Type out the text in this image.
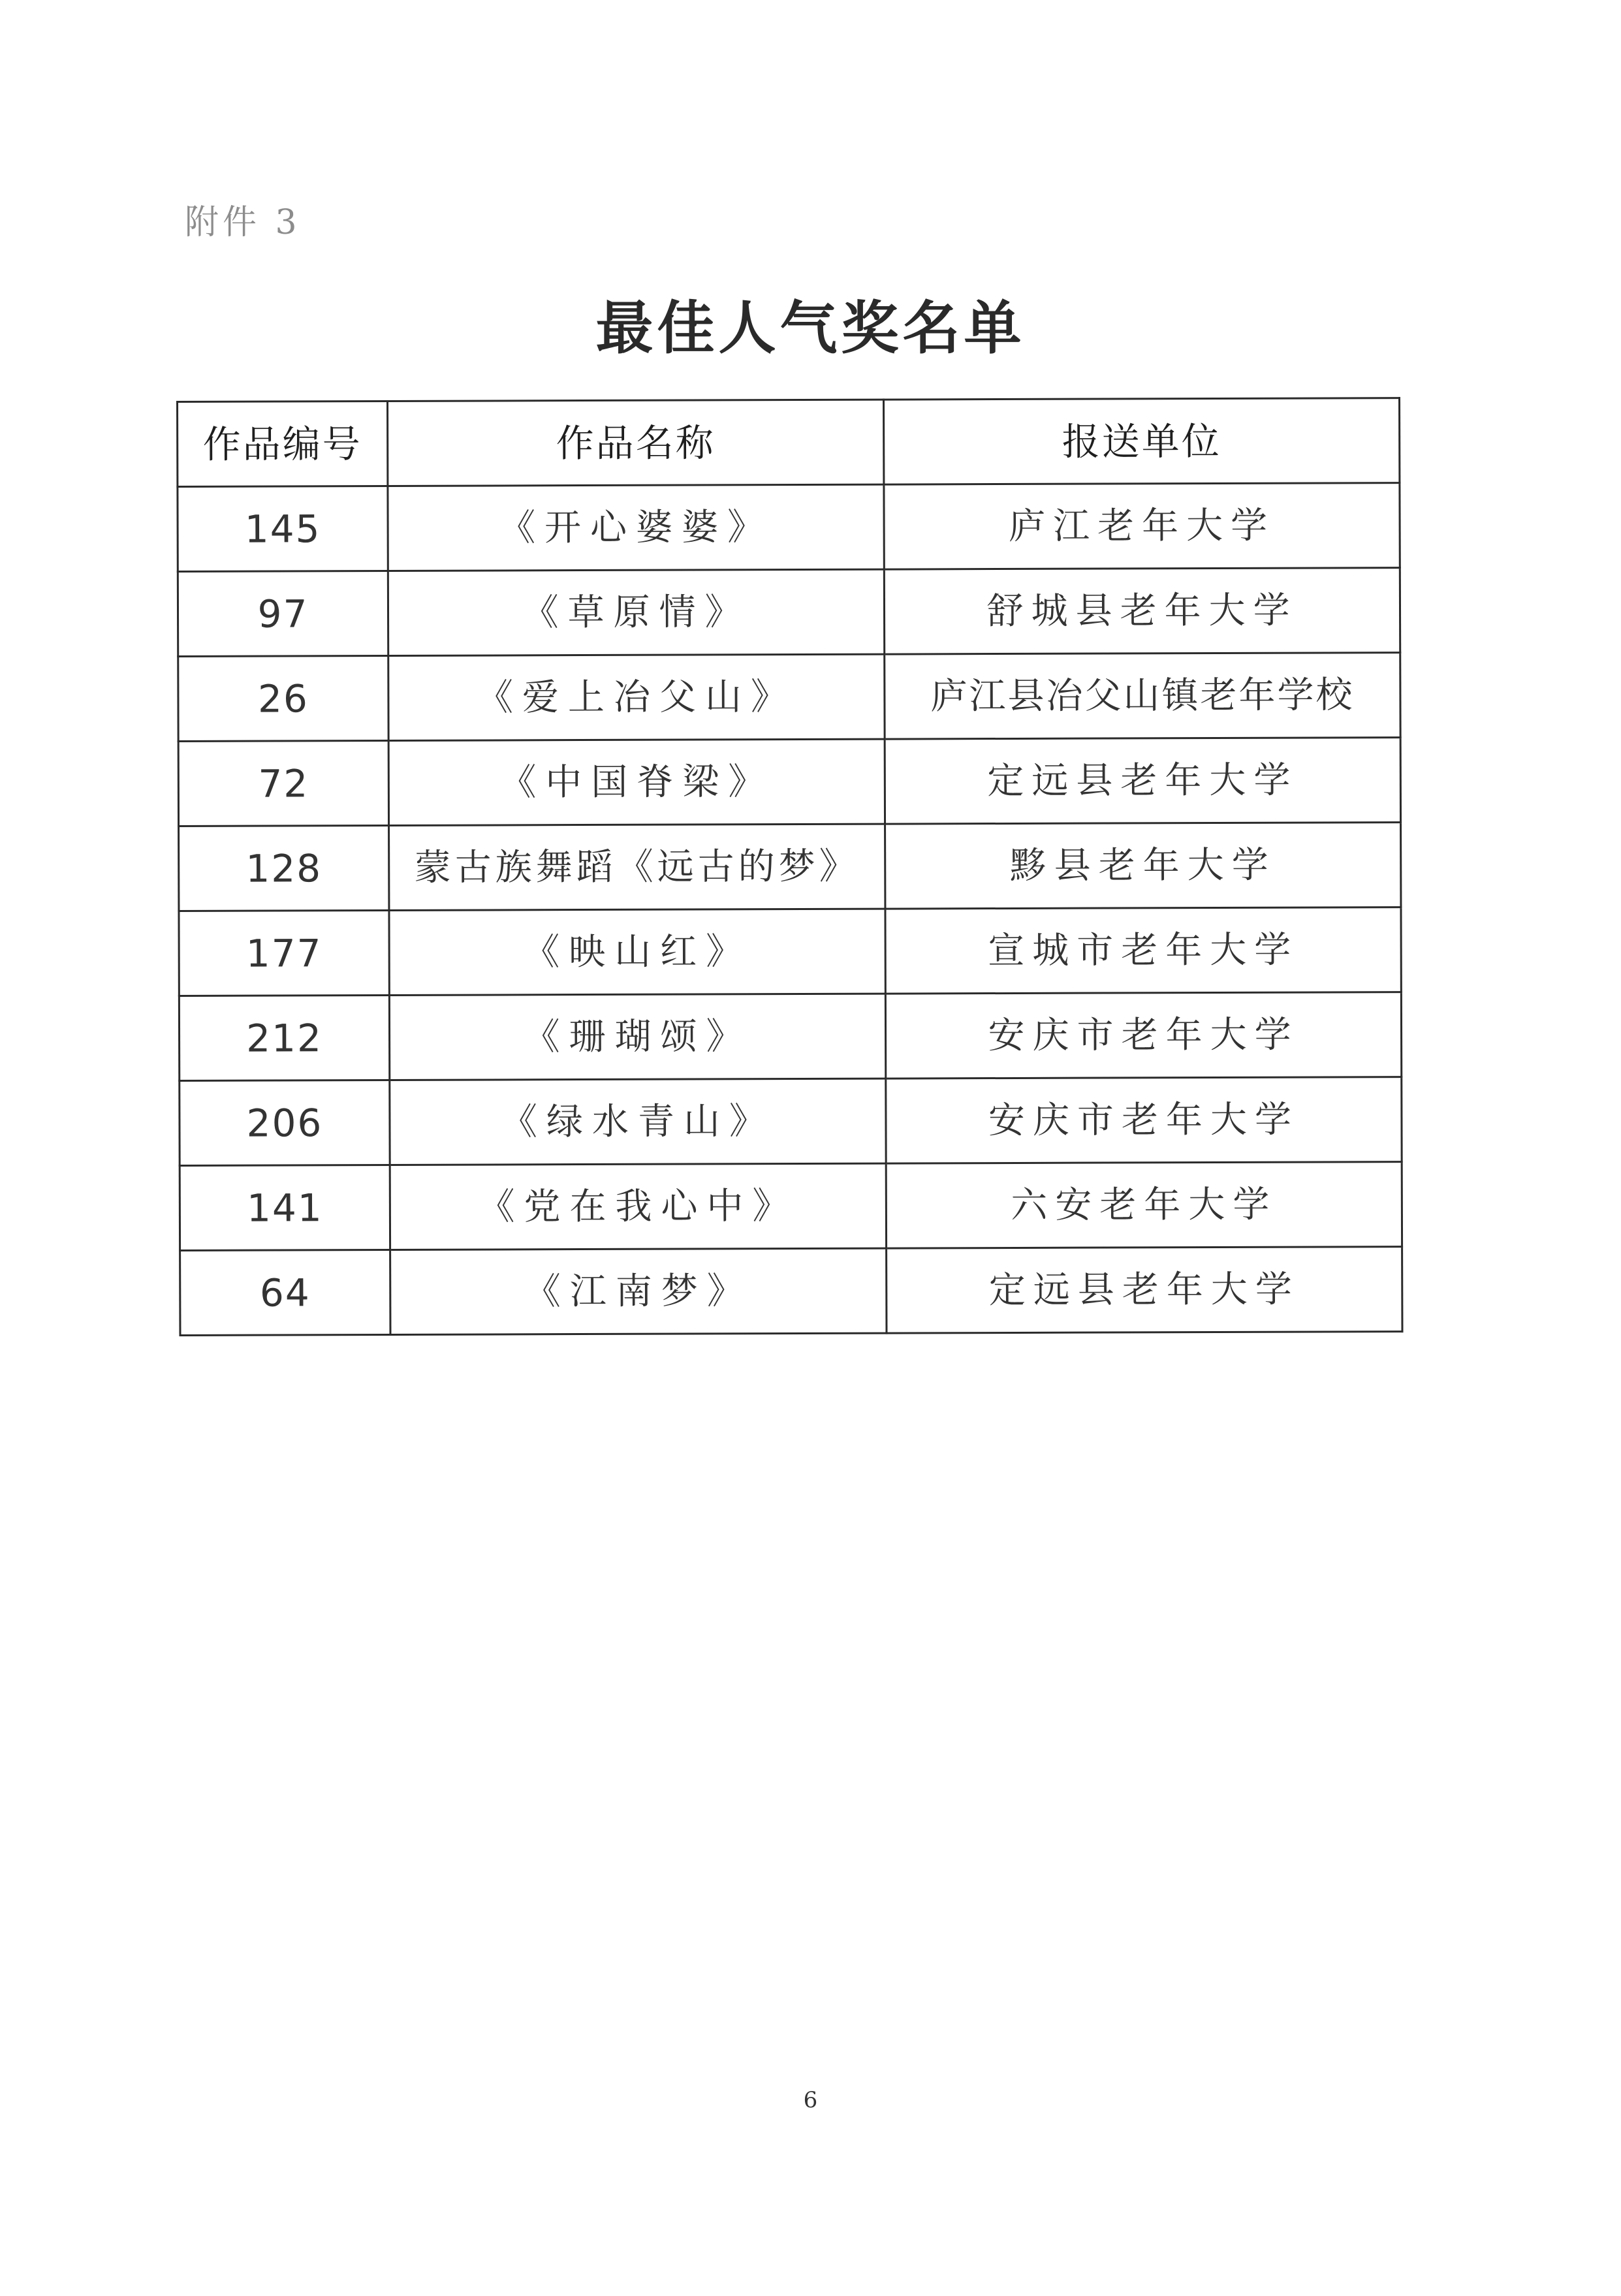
附件 3
最佳人气奖名单
作品编号	作品名称	报送单位
145	《开心婆婆》	庐江老年大学
97	《草原情》	舒城县老年大学
26	《爱上冶父山》	庐江县冶父山镇老年学校
72	《中国脊梁》	定远县老年大学
128	蒙古族舞蹈《远古的梦》	黟县老年大学
177	《映山红》	宣城市老年大学
212	《珊瑚颂》	安庆市老年大学
206	《绿水青山》	安庆市老年大学
141	《党在我心中》	六安老年大学
64	《江南梦》	定远县老年大学
6
